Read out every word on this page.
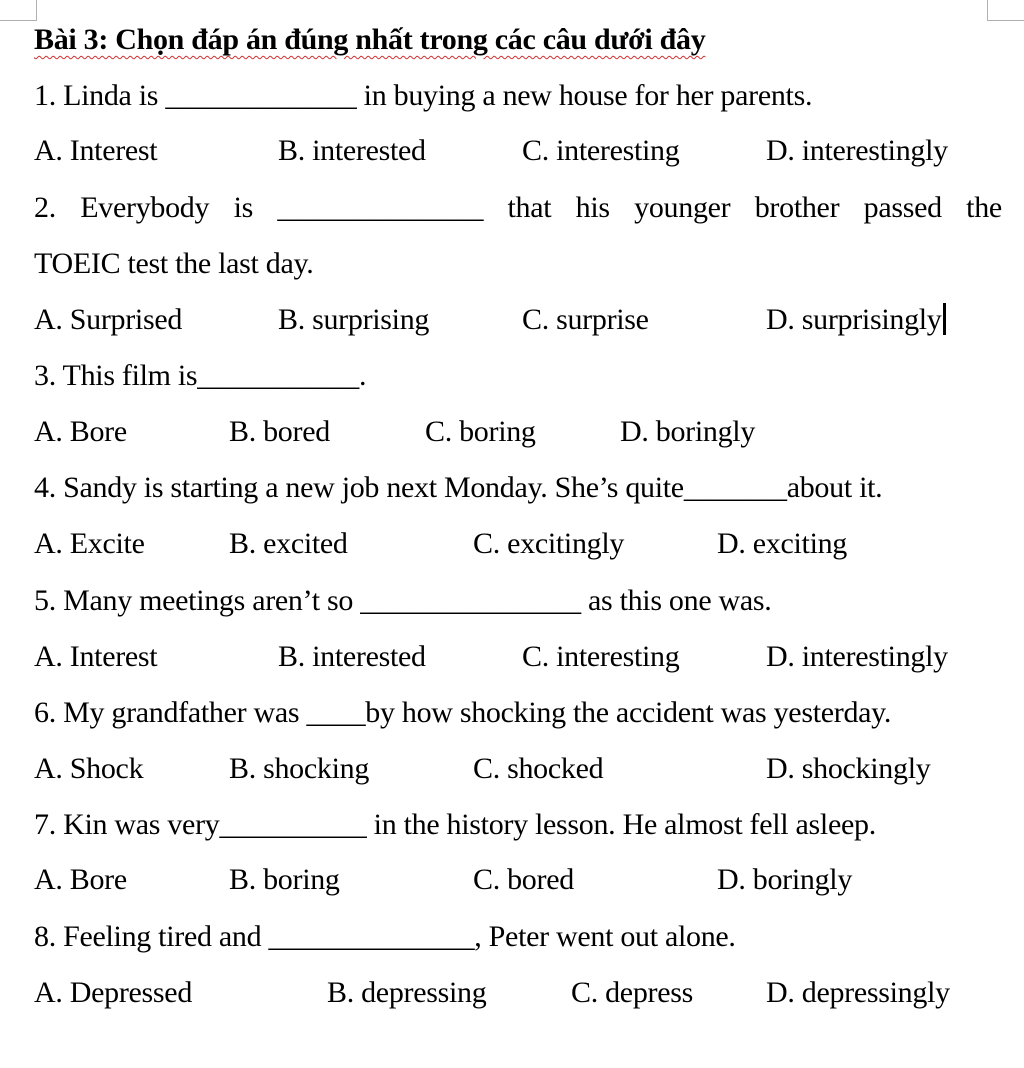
Bài 3: Chọn đáp án đúng nhất trong các câu dưới đây
1. Linda is _____________ in buying a new house for her parents.
A. Interest	B. interested	C. interesting	D. interestingly
2. Everybody is ______________ that his younger brother passed the
TOEIC test the last day.
A. Surprised	B. surprising	C. surprise	D. surprisingly
3. This film is___________.
A. Bore	B. bored	C. boring	D. boringly
4. Sandy is starting a new job next Monday. She’s quite_______about it.
A. Excite	B. excited	C. excitingly	D. exciting
5. Many meetings aren’t so _______________ as this one was.
A. Interest	B. interested	C. interesting	D. interestingly
6. My grandfather was ____by how shocking the accident was yesterday.
A. Shock	B. shocking	C. shocked	D. shockingly
7. Kin was very__________ in the history lesson. He almost fell asleep.
A. Bore	B. boring	C. bored	D. boringly
8. Feeling tired and ______________, Peter went out alone.
A. Depressed	B. depressing	C. depress D. depressingly
